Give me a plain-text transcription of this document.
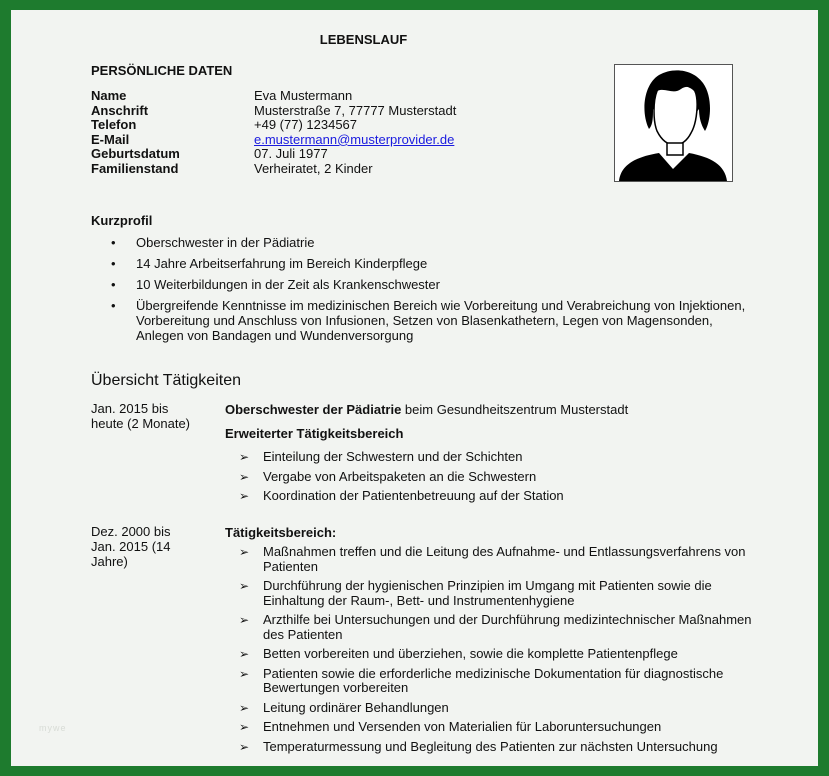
LEBENSLAUF
PERSÖNLICHE DATEN
Name	Eva Mustermann
Anschrift	Musterstraße 7, 77777 Musterstadt
Telefon	+49 (77) 1234567
E-Mail	e.mustermann@musterprovider.de
Geburtsdatum	07. Juli 1977
Familienstand	Verheiratet, 2 Kinder
Kurzprofil
• Oberschwester in der Pädiatrie
• 14 Jahre Arbeitserfahrung im Bereich Kinderpflege
• 10 Weiterbildungen in der Zeit als Krankenschwester
• Übergreifende Kenntnisse im medizinischen Bereich wie Vorbereitung und Verabreichung von Injektionen, Vorbereitung und Anschluss von Infusionen, Setzen von Blasenkathetern, Legen von Magensonden, Anlegen von Bandagen und Wundenversorgung
Übersicht Tätigkeiten
Jan. 2015 bis heute (2 Monate)
Oberschwester der Pädiatrie beim Gesundheitszentrum Musterstadt
Erweiterter Tätigkeitsbereich
➢ Einteilung der Schwestern und der Schichten
➢ Vergabe von Arbeitspaketen an die Schwestern
➢ Koordination der Patientenbetreuung auf der Station
Dez. 2000 bis Jan. 2015 (14 Jahre)
Tätigkeitsbereich:
➢ Maßnahmen treffen und die Leitung des Aufnahme- und Entlassungsverfahrens von Patienten
➢ Durchführung der hygienischen Prinzipien im Umgang mit Patienten sowie die Einhaltung der Raum-, Bett- und Instrumentenhygiene
➢ Arzthilfe bei Untersuchungen und der Durchführung medizintechnischer Maßnahmen des Patienten
➢ Betten vorbereiten und überziehen, sowie die komplette Patientenpflege
➢ Patienten sowie die erforderliche medizinische Dokumentation für diagnostische Bewertungen vorbereiten
➢ Leitung ordinärer Behandlungen
➢ Entnehmen und Versenden von Materialien für Laboruntersuchungen
➢ Temperaturmessung und Begleitung des Patienten zur nächsten Untersuchung
mywe
